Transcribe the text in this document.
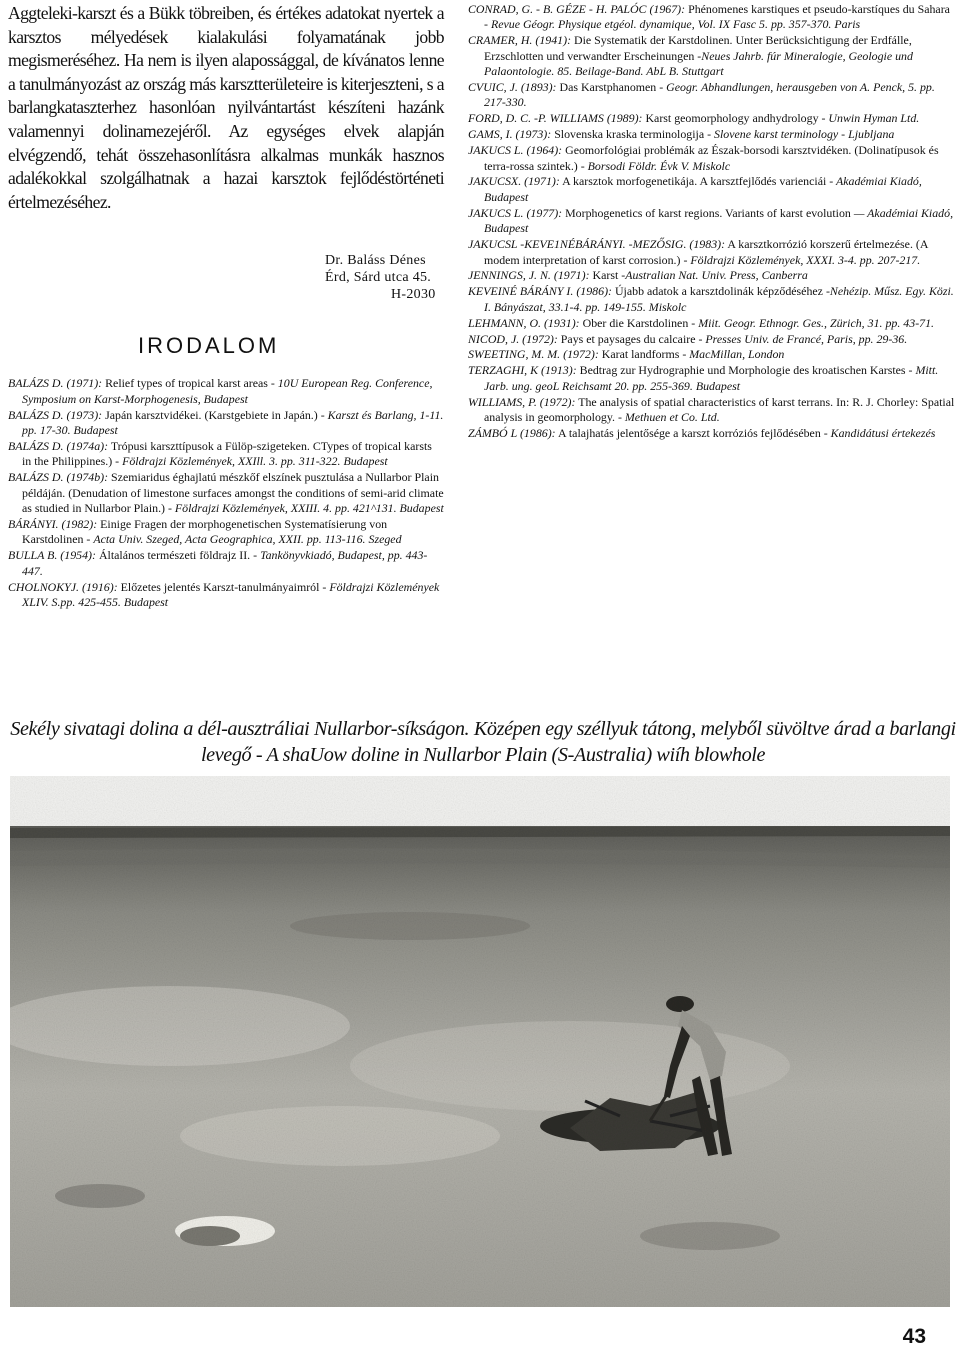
Aggteleki-karszt és a Bükk töbreiben, és értékes adatokat nyertek a karsztos mélyedések kialakulási folyamatának jobb megismeréséhez. Ha nem is ilyen alapossággal, de kívánatos lenne a tanulmányozást az ország más karsztterületeire is kiterjeszteni, s a barlangkataszterhez hasonlóan nyilvántartást készíteni hazánk valamennyi dolinamezejéről. Az egységes elvek alapján elvégzendő, tehát összehasonlításra alkalmas munkák hasznos adalékokkal szolgálhatnak a hazai karsztok fejlődéstörténeti értelmezéséhez.

Dr. Baláss Dénes
Érd, Sárd utca 45.
H-2030
IRODALOM

BALÁZS D. (1971): Relief types of tropical karst areas - 10U European Reg. Conference, Symposium on Karst-Morphogenesis, Budapest

BALÁZS D. (1973): Japán karsztvidékei. (Karstgebiete in Japán.) - Karszt és Barlang, 1-11. pp. 17-30. Budapest

BALÁZS D. (1974a): Trópusi karszttípusok a Fülöp-szigeteken. CTypes of tropical karsts in the Philippines.) - Földrajzi Közlemények, XXIll. 3. pp. 311-322. Budapest

BALÁZS D. (1974b): Szemiaridus éghajlatú mészkőf elszínek pusztulása a Nullarbor Plain példáján. (Denudation of limestone surfaces amongst the conditions of semi-arid climate as studied in Nullarbor Plain.) - Földrajzi Közlemények, XXIII. 4. pp. 421^131. Budapest

BÁRÁNYI. (1982): Einige Fragen der morphogenetischen Systematísierung von Karstdolinen - Acta Univ. Szeged, Acta Geographica, XXII. pp. 113-116. Szeged

BULLA B. (1954): Általános természeti földrajz II. - Tankönyvkiadó, Budapest, pp. 443-447.

CHOLNOKYJ. (1916): Előzetes jelentés Karszt-tanulmányaimról - Földrajzi Közlemények XLIV. S.pp. 425-455. Budapest

CONRAD, G. - B. GÉZE - H. PALÓC (1967): Phénomenes karstiques et pseudo-karstíques du Sahara - Revue Géogr. Physique etgéol. dynamique, Vol. IX Fasc 5. pp. 357-370. Paris

CRAMER, H. (1941): Die Systematik der Karstdolinen. Unter Berücksichtigung der Erdfálle, Erzschlotten und verwandter Erscheinungen -Neues Jahrb. fúr Mineralogie, Geologie und Palaontologie. 85. Beilage-Band. AbL B. Stuttgart

CVUIC, J. (1893): Das Karstphanomen - Geogr. Abhandlungen, herausgeben von A. Penck, 5. pp. 217-330.

FORD, D. C. -P. WILLIAMS (1989): Karst geomorphology andhydrology - Unwin Hyman Ltd.

GAMS, I. (1973): Slovenska kraska terminologija - Slovene karst terminology - Ljubljana

JAKUCS L. (1964): Geomorfológiai problémák az Észak-borsodi karsztvidéken. (Dolinatípusok és terra-rossa szintek.) - Borsodi Földr. Évk V. Miskolc

JAKUCSX. (1971): A karsztok morfogenetikája. A karsztfejlődés varienciái - Akadémiai Kiadó, Budapest

JAKUCS L. (1977): Morphogenetics of karst regions. Variants of karst evolution — Akadémiai Kiadó, Budapest

JAKUCSL -KEVE1NÉBÁRÁNYI. -MEZŐSIG. (1983): A karsztkorrózió korszerű értelmezése. (A modem interpretation of karst corrosion.) - Földrajzi Közlemények, XXXI. 3-4. pp. 207-217.

JENNINGS, J. N. (1971): Karst -Australian Nat. Univ. Press, Canberra

KEVEINÉ BÁRÁNY I. (1986): Újabb adatok a karsztdolinák képződéséhez -Nehézip. Műsz. Egy. Közi. I. Bányászat, 33.1-4. pp. 149-155. Miskolc

LEHMANN, O. (1931): Ober die Karstdolinen - Miit. Geogr. Ethnogr. Ges., Zürich, 31. pp. 43-71.

NICOD, J. (1972): Pays et paysages du calcaire - Presses Univ. de Francé, Paris, pp. 29-36.

SWEETING, M. M. (1972): Karat landforms - MacMillan, London

TERZAGHI, K (1913): Bedtrag zur Hydrographie und Morphologie des kroatischen Karstes - Mitt. Jarb. ung. geoL Reichsamt 20. pp. 255-369. Budapest

WILLIAMS, P. (1972): The analysis of spatial characteristics of karst terrans. In: R. J. Chorley: Spatial analysis in geomorphology. - Methuen et Co. Ltd.

ZÁMBÓ L (1986): A talajhatás jelentősége a karszt korróziós fejlődésében - Kandidátusi értekezés

Sekély sivatagi dolina a dél-ausztráliai Nullarbor-síkságon. Középen egy széllyuk tátong, melyből süvöltve árad a barlangi levegő - A shaUow doline in Nullarbor Plain (S-Australia) wiíh blowhole
43
